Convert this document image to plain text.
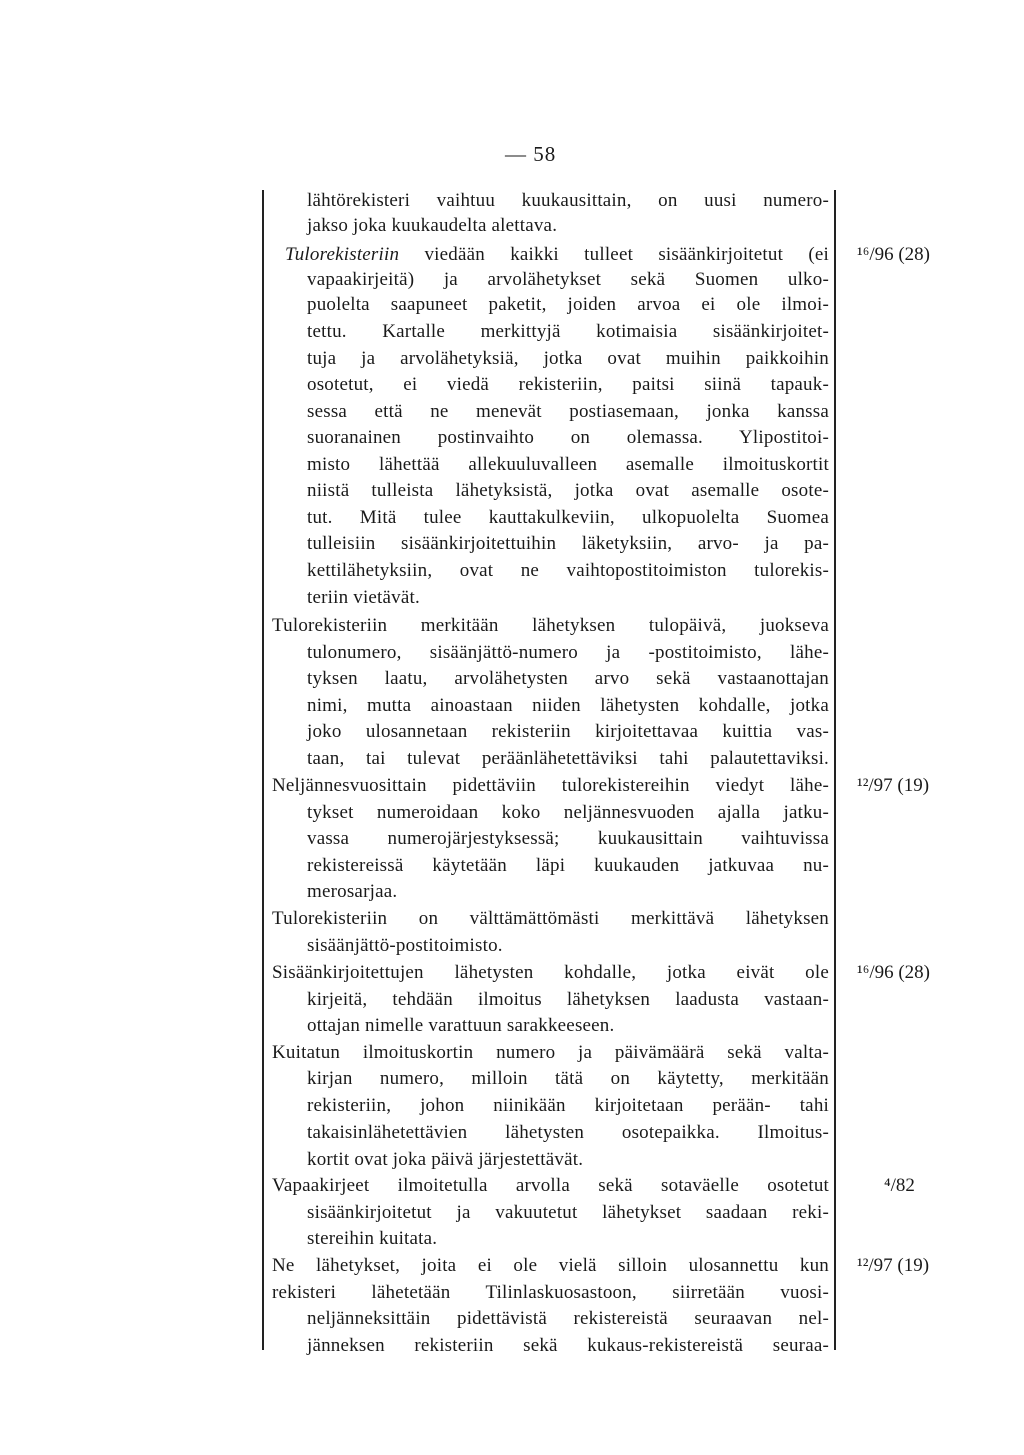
— 58
lähtörekisteri vaihtuu kuukausittain, on uusi numero-
jakso joka kuukaudelta alettava.
Tulorekisteriin viedään kaikki tulleet sisäänkirjoitetut (ei
vapaakirjeitä) ja arvolähetykset sekä Suomen ulko-
puolelta saapuneet paketit, joiden arvoa ei ole ilmoi-
tettu. Kartalle merkittyjä kotimaisia sisäänkirjoitet-
tuja ja arvolähetyksiä, jotka ovat muihin paikkoihin
osotetut, ei viedä rekisteriin, paitsi siinä tapauk-
sessa että ne menevät postiasemaan, jonka kanssa
suoranainen postinvaihto on olemassa. Ylipostitoi-
misto lähettää allekuuluvalleen asemalle ilmoituskortit
niistä tulleista lähetyksistä, jotka ovat asemalle osote-
tut. Mitä tulee kauttakulkeviin, ulkopuolelta Suomea
tulleisiin sisäänkirjoitettuihin läketyksiin, arvo- ja pa-
kettilähetyksiin, ovat ne vaihtopostitoimiston tulorekis-
teriin vietävät.
Tulorekisteriin merkitään lähetyksen tulopäivä, juokseva
tulonumero, sisäänjättö-numero ja -postitoimisto, lähe-
tyksen laatu, arvolähetysten arvo sekä vastaanottajan
nimi, mutta ainoastaan niiden lähetysten kohdalle, jotka
joko ulosannetaan rekisteriin kirjoitettavaa kuittia vas-
taan, tai tulevat peräänlähetettäviksi tahi palautettaviksi.
Neljännesvuosittain pidettäviin tulorekistereihin viedyt lähe-
tykset numeroidaan koko neljännesvuoden ajalla jatku-
vassa numerojärjestyksessä; kuukausittain vaihtuvissa
rekistereissä käytetään läpi kuukauden jatkuvaa nu-
merosarjaa.
Tulorekisteriin on välttämättömästi merkittävä lähetyksen
sisäänjättö-postitoimisto.
Sisäänkirjoitettujen lähetysten kohdalle, jotka eivät ole
kirjeitä, tehdään ilmoitus lähetyksen laadusta vastaan-
ottajan nimelle varattuun sarakkeeseen.
Kuitatun ilmoituskortin numero ja päivämäärä sekä valta-
kirjan numero, milloin tätä on käytetty, merkitään
rekisteriin, johon niinikään kirjoitetaan perään- tahi
takaisinlähetettävien lähetysten osotepaikka. Ilmoitus-
kortit ovat joka päivä järjestettävät.
Vapaakirjeet ilmoitetulla arvolla sekä sotaväelle osotetut
sisäänkirjoitetut ja vakuutetut lähetykset saadaan reki-
stereihin kuitata.
Ne lähetykset, joita ei ole vielä silloin ulosannettu kun
rekisteri lähetetään Tilinlaskuosastoon, siirretään vuosi-
neljänneksittäin pidettävistä rekistereistä seuraavan nel-
jänneksen rekisteriin sekä kukaus-rekistereistä seuraa-
¹⁶/96 (28)
¹²/97 (19)
¹⁶/96 (28)
⁴/82
¹²/97 (19)
